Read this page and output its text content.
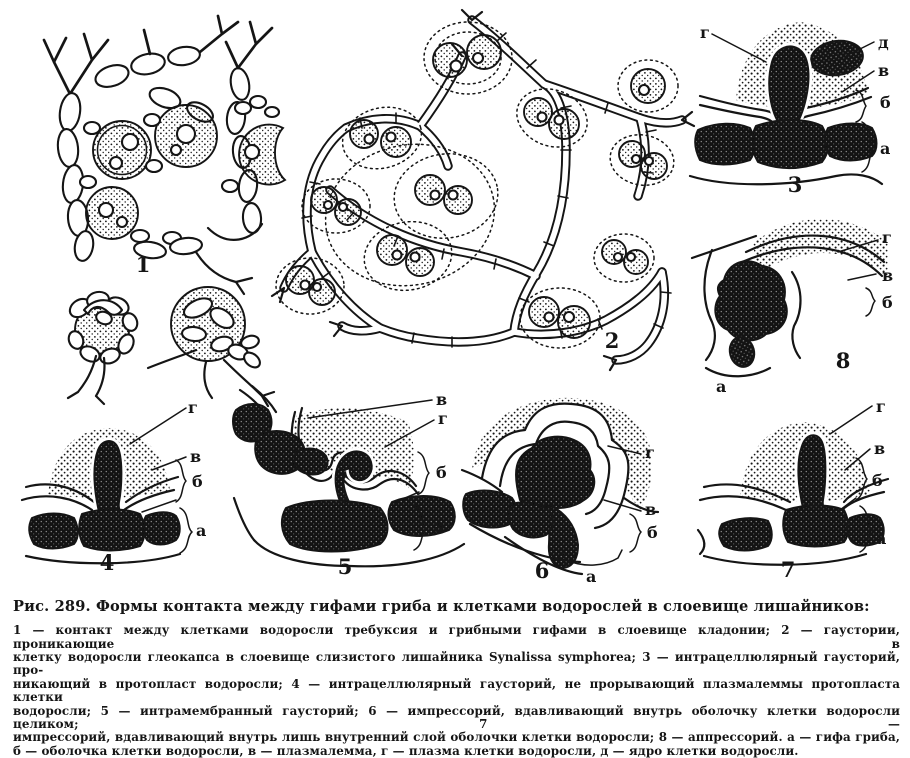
1
2
г
д
в
б
а
3
г
в
б
а
8
г
в
б
а
4
в
г
б
а
5
г
в
б
а
6
г
в
б
а
7
Рис. 289. Формы контакта между гифами гриба и клетками водорослей в слоевище лишайников:
1 — контакт между клетками водоросли требуксия и грибными гифами в слоевище кладонии; 2 — гаустории, проникающие в
клетку водоросли глеокапса в слоевище слизистого лишайника Synalissa symphorea; 3 — интрацеллюлярный гаусторий, про-
никающий в протопласт водоросли; 4 — интрацеллюлярный гаусторий, не прорывающий плазмалеммы протопласта клетки
водоросли; 5 — интрамембранный гаусторий; 6 — импрессорий, вдавливающий внутрь оболочку клетки водоросли целиком; 7 —
импрессорий, вдавливающий внутрь лишь внутренний слой оболочки клетки водоросли; 8 — аппрессорий. а — гифа гриба,
б — оболочка клетки водоросли, в — плазмалемма, г — плазма клетки водоросли, д — ядро клетки водоросли.
